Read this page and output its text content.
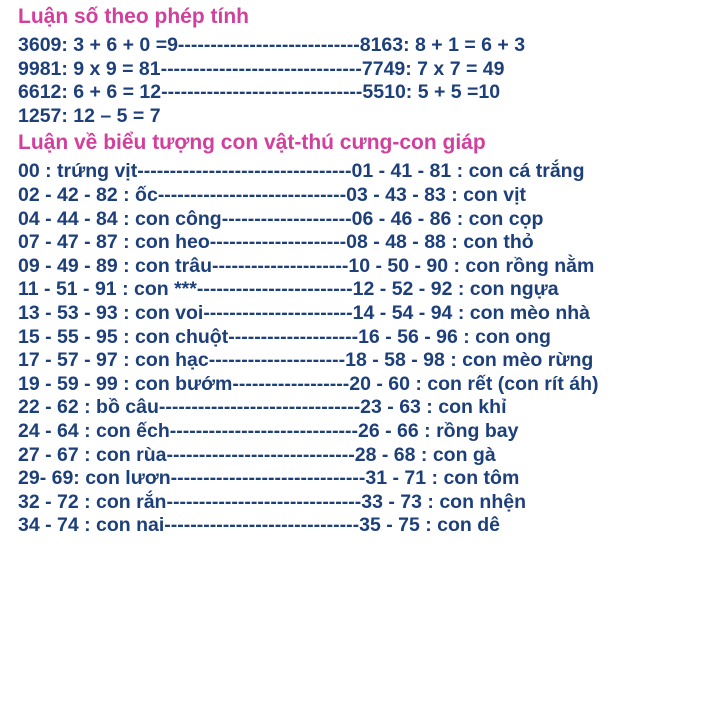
Luận số theo phép tính
3609: 3 + 6 + 0 =9----------------------------8163: 8 + 1 = 6 + 3
9981: 9 x 9 = 81-------------------------------7749: 7 x 7 = 49
6612: 6 + 6 = 12-------------------------------5510: 5 + 5 =10
1257: 12 – 5 = 7
Luận về biểu tượng con vật-thú cưng-con giáp
00 : trứng vịt---------------------------------01 - 41 - 81 : con cá trắng
02 - 42 - 82 : ốc-----------------------------03 - 43 - 83 : con vịt
04 - 44 - 84 : con công--------------------06 - 46 - 86 : con cọp
07 - 47 - 87 : con heo---------------------08 - 48 - 88 : con thỏ
09 - 49 - 89 : con trâu---------------------10 - 50 - 90 : con rồng nằm
11 - 51 - 91 : con ***------------------------12 - 52 - 92 : con ngựa
13 - 53 - 93 : con voi-----------------------14 - 54 - 94 : con mèo nhà
15 - 55 - 95 : con chuột--------------------16 - 56 - 96 : con ong
17 - 57 - 97 : con hạc---------------------18 - 58 - 98 : con mèo rừng
19 - 59 - 99 : con bướm------------------20 - 60 : con rết (con rít áh)
22 - 62 : bồ câu-------------------------------23 - 63 : con khỉ
24 - 64 : con ếch-----------------------------26 - 66 : rồng bay
27 - 67 : con rùa-----------------------------28 - 68 : con gà
29- 69: con lươn------------------------------31 - 71 : con tôm
32 - 72 : con rắn------------------------------33 - 73 : con nhện
34 - 74 : con nai------------------------------35 - 75 : con dê
